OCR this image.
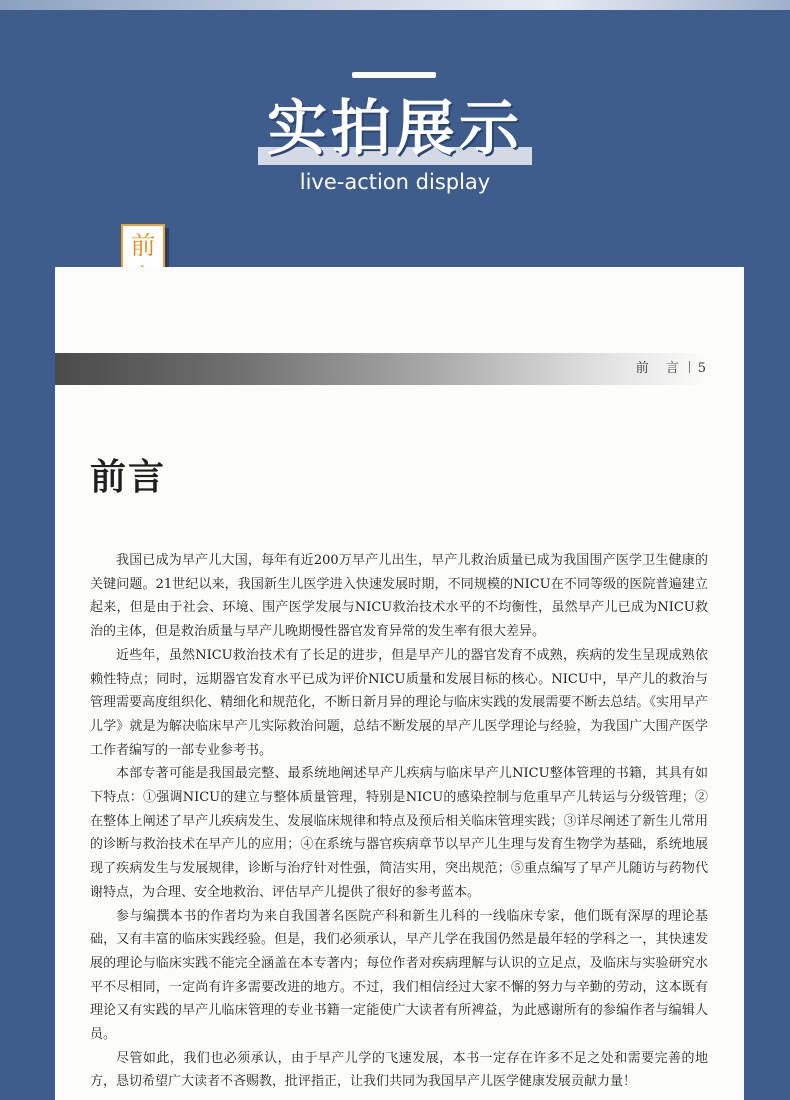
实拍展示
live-action display
前
前　言 5
前言

我国已成为早产儿大国，每年有近200万早产儿出生，早产儿救治质量已成为我国围产医学卫生健康的关键问题。21世纪以来，我国新生儿医学进入快速发展时期，不同规模的NICU在不同等级的医院普遍建立起来，但是由于社会、环境、围产医学发展与NICU救治技术水平的不均衡性，虽然早产儿已成为NICU救治的主体，但是救治质量与早产儿晚期慢性器官发育异常的发生率有很大差异。

近些年，虽然NICU救治技术有了长足的进步，但是早产儿的器官发育不成熟，疾病的发生呈现成熟依赖性特点；同时，远期器官发育水平已成为评价NICU质量和发展目标的核心。NICU中，早产儿的救治与管理需要高度组织化、精细化和规范化，不断日新月异的理论与临床实践的发展需要不断去总结。《实用早产儿学》就是为解决临床早产儿实际救治问题，总结不断发展的早产儿医学理论与经验，为我国广大围产医学工作者编写的一部专业参考书。

本部专著可能是我国最完整、最系统地阐述早产儿疾病与临床早产儿NICU整体管理的书籍，其具有如下特点：①强调NICU的建立与整体质量管理，特别是NICU的感染控制与危重早产儿转运与分级管理；②在整体上阐述了早产儿疾病发生、发展临床规律和特点及预后相关临床管理实践；③详尽阐述了新生儿常用的诊断与救治技术在早产儿的应用；④在系统与器官疾病章节以早产儿生理与发育生物学为基础，系统地展现了疾病发生与发展规律，诊断与治疗针对性强，简洁实用，突出规范；⑤重点编写了早产儿随访与药物代谢特点，为合理、安全地救治、评估早产儿提供了很好的参考蓝本。

参与编撰本书的作者均为来自我国著名医院产科和新生儿科的一线临床专家，他们既有深厚的理论基础，又有丰富的临床实践经验。但是，我们必须承认，早产儿学在我国仍然是最年轻的学科之一，其快速发展的理论与临床实践不能完全涵盖在本专著内；每位作者对疾病理解与认识的立足点，及临床与实验研究水平不尽相同，一定尚有许多需要改进的地方。不过，我们相信经过大家不懈的努力与辛勤的劳动，这本既有理论又有实践的早产儿临床管理的专业书籍一定能使广大读者有所裨益，为此感谢所有的参编作者与编辑人员。

尽管如此，我们也必须承认，由于早产儿学的飞速发展，本书一定存在许多不足之处和需要完善的地方，恳切希望广大读者不吝赐教，批评指正，让我们共同为我国早产儿医学健康发展贡献力量！
